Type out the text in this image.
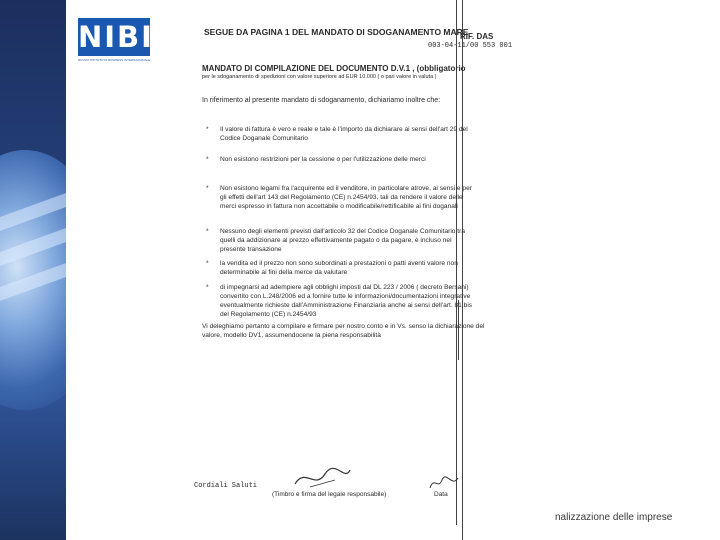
NIBI
NUOVO ISTITUTO DI BUSINESS INTERNAZIONALE
SEGUE DA PAGINA 1 DEL MANDATO DI SDOGANAMENTO MARE
RIF. DAS
003-04-11/00 553 001
MANDATO DI COMPILAZIONE DEL DOCUMENTO D.V.1 , (obbligatorio
per le sdoganamento di spedizioni con valore superiore ad EUR 10.000 ( o pari valore in valuta )
In riferimento al presente mandato di sdoganamento, dichiariamo inoltre che:
* Il valore di fattura è vero e reale e tale è l'importo da dichiarare ai sensi dell'art 29 del Codice Doganale Comunitario
* Non esistono restrizioni per la cessione o per l'utilizzazione delle merci
* Non esistono legami fra l'acquirente ed il venditore, in particolare atrove, ai sensi e per gli effetti dell'art 143 del Regolamento (CE) n.2454/93, tali da rendere il valore delle merci espresso in fattura non accettabile o modificabile/rettificabile ai fini doganali
* Nessuno degli elementi previsti dall'articolo 32 del Codice Doganale Comunitario tra quelli da addizionare al prezzo effettivamente pagato o da pagare, è incluso nel presente transazione
* la vendita ed il prezzo non sono subordinati a prestazioni o patti aventi valore non determinabile ai fini della merce da valutare
* di impegnarsi ad adempiere agli obblighi imposti dal DL 223 / 2006 ( decreto Bersani) convertito con L.248/2006 ed a fornire tutte le informazioni/documentazioni integrative eventualmente richieste dall'Amministrazione Finanziaria anche ai sensi dell'art. 81 bis del Regolamento (CE) n.2454/93
Vi deleghiamo pertanto a compilare e firmare per nostro conto e in Vs. senso la dichiarazione del valore, modello DV1, assumendocene la piena responsabilità
Cordiali Saluti
(Timbro e firma del legale responsabile)	Data
nalizzazione delle imprese
